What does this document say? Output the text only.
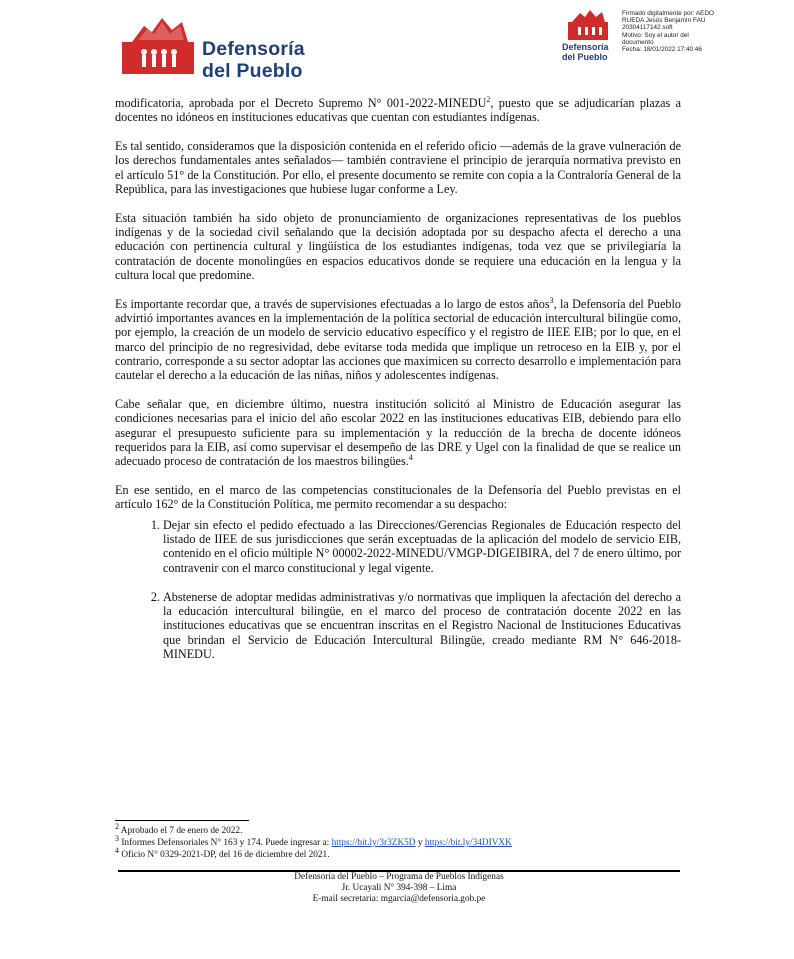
Defensoría
del Pueblo
Defensoría
del Pueblo
Firmado digitalmente por: AEDO
RUEDA Jesús Benjamín FAU
20304117142 soft
Motivo: Soy el autor del
documento
Fecha: 18/01/2022 17:40:46

modificatoria, aprobada por el Decreto Supremo N° 001-2022-MINEDU$^2$, puesto que se adjudicarían plazas a docentes no idóneos en instituciones educativas que cuentan con estudiantes indígenas.

Es tal sentido, consideramos que la disposición contenida en el referido oficio —además de la grave vulneración de los derechos fundamentales antes señalados— también contraviene el principio de jerarquía normativa previsto en el artículo 51° de la Constitución. Por ello, el presente documento se remite con copia a la Contraloría General de la República, para las investigaciones que hubiese lugar conforme a Ley.

Esta situación también ha sido objeto de pronunciamiento de organizaciones representativas de los pueblos indígenas y de la sociedad civil señalando que la decisión adoptada por su despacho afecta el derecho a una educación con pertinencia cultural y lingüística de los estudiantes indígenas, toda vez que se privilegiaría la contratación de docente monolingües en espacios educativos donde se requiere una educación en la lengua y la cultura local que predomine.

Es importante recordar que, a través de supervisiones efectuadas a lo largo de estos años$^3$, la Defensoría del Pueblo advirtió importantes avances en la implementación de la política sectorial de educación intercultural bilingüe como, por ejemplo, la creación de un modelo de servicio educativo específico y el registro de IIEE EIB; por lo que, en el marco del principio de no regresividad, debe evitarse toda medida que implique un retroceso en la EIB y, por el contrario, corresponde a su sector adoptar las acciones que maximicen su correcto desarrollo e implementación para cautelar el derecho a la educación de las niñas, niños y adolescentes indígenas.

Cabe señalar que, en diciembre último, nuestra institución solicitó al Ministro de Educación asegurar las condiciones necesarias para el inicio del año escolar 2022 en las instituciones educativas EIB, debiendo para ello asegurar el presupuesto suficiente para su implementación y la reducción de la brecha de docente idóneos requeridos para la EIB, así como supervisar el desempeño de las DRE y Ugel con la finalidad de que se realice un adecuado proceso de contratación de los maestros bilingües.$^4$

En ese sentido, en el marco de las competencias constitucionales de la Defensoría del Pueblo previstas en el artículo 162° de la Constitución Política, me permito recomendar a su despacho:

1. Dejar sin efecto el pedido efectuado a las Direcciones/Gerencias Regionales de Educación respecto del listado de IIEE de sus jurisdicciones que serán exceptuadas de la aplicación del modelo de servicio EIB, contenido en el oficio múltiple N° 00002-2022-MINEDU/VMGP-DIGEIBIRA, del 7 de enero último, por contravenir con el marco constitucional y legal vigente.
2. Abstenerse de adoptar medidas administrativas y/o normativas que impliquen la afectación del derecho a la educación intercultural bilingüe, en el marco del proceso de contratación docente 2022 en las instituciones educativas que se encuentran inscritas en el Registro Nacional de Instituciones Educativas que brindan el Servicio de Educación Intercultural Bilingüe, creado mediante RM N° 646-2018-MINEDU.
$^2$ Aprobado el 7 de enero de 2022.
$^3$ Informes Defensoriales N° 163 y 174. Puede ingresar a: https://bit.ly/3r3ZK5D y https://bit.ly/34DIVXK
$^4$ Oficio N° 0329-2021-DP, del 16 de diciembre del 2021.
Defensoría del Pueblo – Programa de Pueblos Indígenas
Jr. Ucayali N° 394-398 – Lima
E-mail secretaria: mgarcia@defensoria.gob.pe
